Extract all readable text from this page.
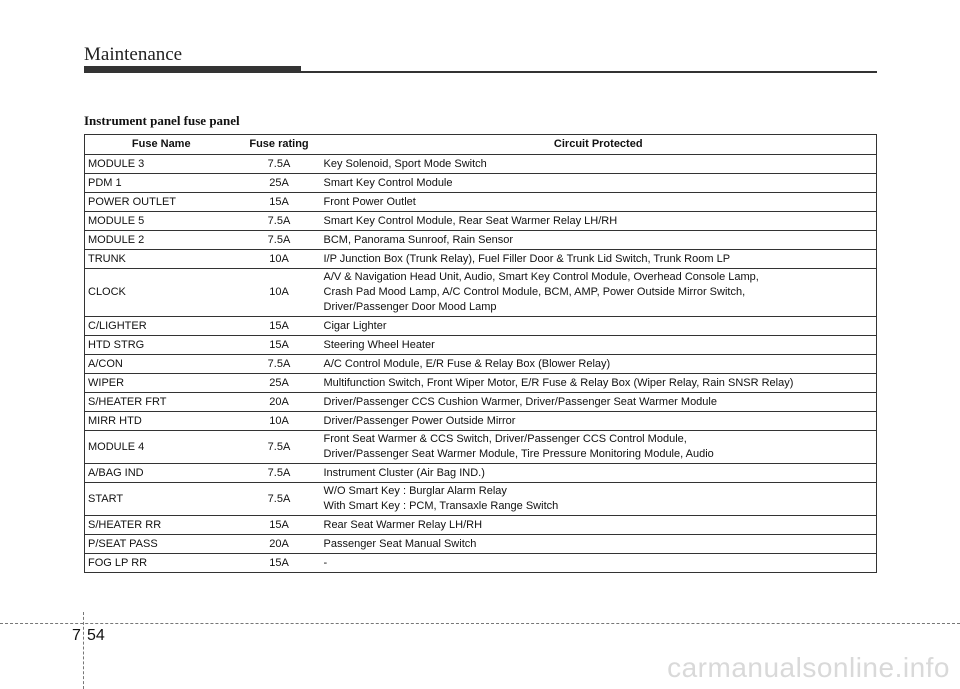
Maintenance
Instrument panel fuse panel
Fuse Name	Fuse rating	Circuit Protected
MODULE 3	7.5A	Key Solenoid, Sport Mode Switch

PDM 1	25A	Smart Key Control Module

POWER OUTLET	15A	Front Power Outlet

MODULE 5	7.5A	Smart Key Control Module, Rear Seat Warmer Relay LH/RH

MODULE 2	7.5A	BCM, Panorama Sunroof, Rain Sensor

TRUNK	10A	I/P Junction Box (Trunk Relay), Fuel Filler Door & Trunk Lid Switch, Trunk Room LP

CLOCK	10A	A/V & Navigation Head Unit, Audio, Smart Key Control Module, Overhead Console Lamp,
Crash Pad Mood Lamp, A/C Control Module, BCM, AMP, Power Outside Mirror Switch,
Driver/Passenger Door Mood Lamp

C/LIGHTER	15A	Cigar Lighter

HTD STRG	15A	Steering Wheel Heater

A/CON	7.5A	A/C Control Module, E/R Fuse & Relay Box (Blower Relay)

WIPER	25A	Multifunction Switch, Front Wiper Motor, E/R Fuse & Relay Box (Wiper Relay, Rain SNSR Relay)

S/HEATER FRT	20A	Driver/Passenger CCS Cushion Warmer, Driver/Passenger Seat Warmer Module

MIRR HTD	10A	Driver/Passenger Power Outside Mirror

MODULE 4	7.5A	Front Seat Warmer & CCS Switch, Driver/Passenger CCS Control Module,
Driver/Passenger Seat Warmer Module, Tire Pressure Monitoring Module, Audio

A/BAG IND	7.5A	Instrument Cluster (Air Bag IND.)

START	7.5A	W/O Smart Key : Burglar Alarm Relay
With Smart Key : PCM, Transaxle Range Switch

S/HEATER RR	15A	Rear Seat Warmer Relay LH/RH

P/SEAT PASS	20A	Passenger Seat Manual Switch

FOG LP RR	15A	-
7 54
carmanualsonline.info
